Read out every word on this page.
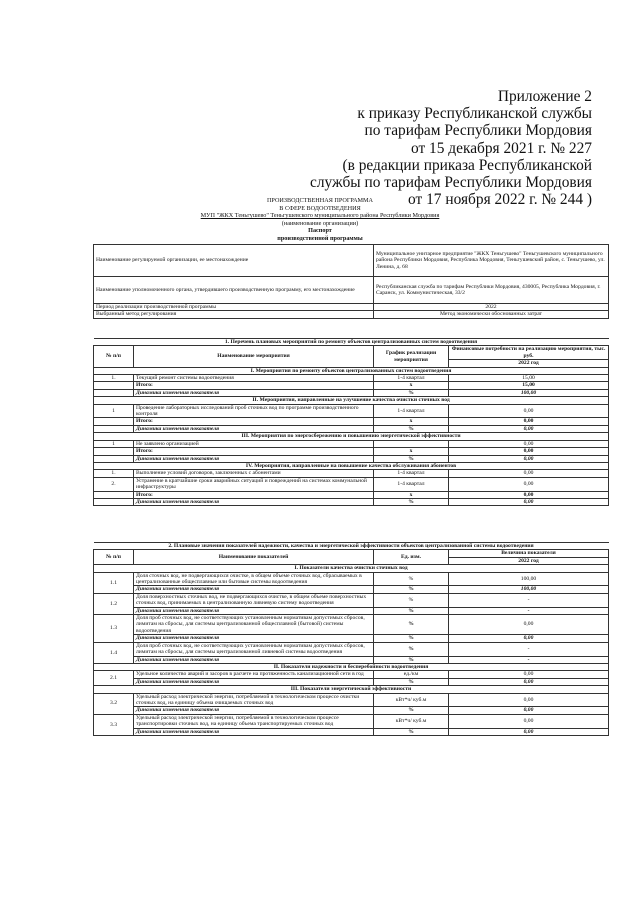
Приложение 2
к приказу Республиканской службы
по тарифам Республики Мордовия
от 15 декабря 2021 г. № 227
(в редакции приказа Республиканской
службы по тарифам Республики Мордовия
от 17 ноября 2022 г. № 244 )
ПРОИЗВОДСТВЕННАЯ ПРОГРАММА
В СФЕРЕ ВОДООТВЕДЕНИЯ
МУП "ЖКХ Теньгушево" Теньгушевского муниципального района Республики Мордовия
(наименование организации)
Паспорт
производственной программы
Наименование регулируемой организации, ее местонахождение	Муниципальное унитарное предприятие "ЖКХ Теньгушево" Теньгушевского муниципального района Республики Мордовия, Республика Мордовия, Теньгушевский район, с. Теньгушево, ул. Ленина, д. 68
Наименование уполномоченного органа, утвердившего производственную программу, его местонахождение	Республиканская служба по тарифам Республики Мордовия, 430005, Республика Мордовия, г. Саранск, ул. Коммунистическая, 33/2
Период реализации производственной программы	2022
Выбранный метод регулирования	Метод экономически обоснованных затрат
1. Перечень плановых мероприятий по ремонту объектов централизованных систем водоотведения			
№ п/п	Наименование мероприятия	График реализации мероприятия	Финансовые потребности на реализацию мероприятия, тыс. руб.
			2022 год
I. Мероприятия по ремонту объектов централизованных систем водоотведения			
1.	Текущий ремонт системы водоотведения	1-4 квартал	15,00
	Итого:	х	15,00
	Динамика изменения показателя	%	100,00
II. Мероприятия, направленные на улучшение качества очистки сточных вод			
1	Проведение лабораторных исследований проб сточных вод по программе производственного контроля	1-4 квартал	0,00
	Итого:	х	0,00
	Динамика изменения показателя	%	0,00
III. Мероприятия по энергосбережению и повышению энергетической эффективности			
1	Не заявлено организацией		0,00
	Итого:	х	0,00
	Динамика изменения показателя	%	0,00
IV. Мероприятия, направленные на повышение качества обслуживания абонентов			
1.	Выполнение условий договоров, заключенных с абонентами	1-4 квартал	0,00
2.	Устранение в кратчайшие сроки аварийных ситуаций и повреждений на системах коммунальной инфраструктуры	1-4 квартал	0,00
	Итого:	х	0,00
	Динамика изменения показателя	%	0,00
2. Плановые значения показателей надежности, качества и энергетической эффективности объектов централизованной системы водоотведения			
№ п/п	Наименование показателей	Ед. изм.	Величина показателя
			2022 год
I. Показатели качества очистки сточных вод			
1.1	Доля сточных вод, не подвергающихся очистке, в общем объеме сточных вод, сбрасываемых в централизованные общесплавные или бытовые системы водоотведения	%	100,00
	Динамика изменения показателя	%	100,00
1.2	Доля поверхностных сточных вод, не подвергающихся очистке, в общем объеме поверхностных сточных вод, принимаемых в централизованную ливневую систему водоотведения	%	-
	Динамика изменения показателя	%	-
1.3	Доля проб сточных вод, не соответствующих установленным нормативам допустимых сбросов, лимитам на сбросы, для системы централизованной общесплавной (бытовой) системы водоотведения	%	0,00
	Динамика изменения показателя	%	0,00
1.4	Доля проб сточных вод, не соответствующих установленным нормативам допустимых сбросов, лимитам на сбросы, для системы централизованной ливневой системы водоотведения	%	-
	Динамика изменения показателя	%	-
II. Показатели надежности и бесперебойности водоотведения			
2.1	Удельное количество аварий и засоров в расчете на протяженность канализационной сети в год	ед./км	0,00
	Динамика изменения показателя	%	0,00
III. Показатели энергетической эффективности			
3.2	Удельный расход электрической энергии, потребляемой в технологическом процессе очистки сточных вод, на единицу объема очищаемых сточных вод	кВт*ч/ куб.м	0,00
	Динамика изменения показателя	%	0,00
3.3	Удельный расход электрической энергии, потребляемой в технологическом процессе транспортировки сточных вод, на единицу объема транспортируемых сточных вод	кВт*ч/ куб.м	0,00
	Динамика изменения показателя	%	0,00
